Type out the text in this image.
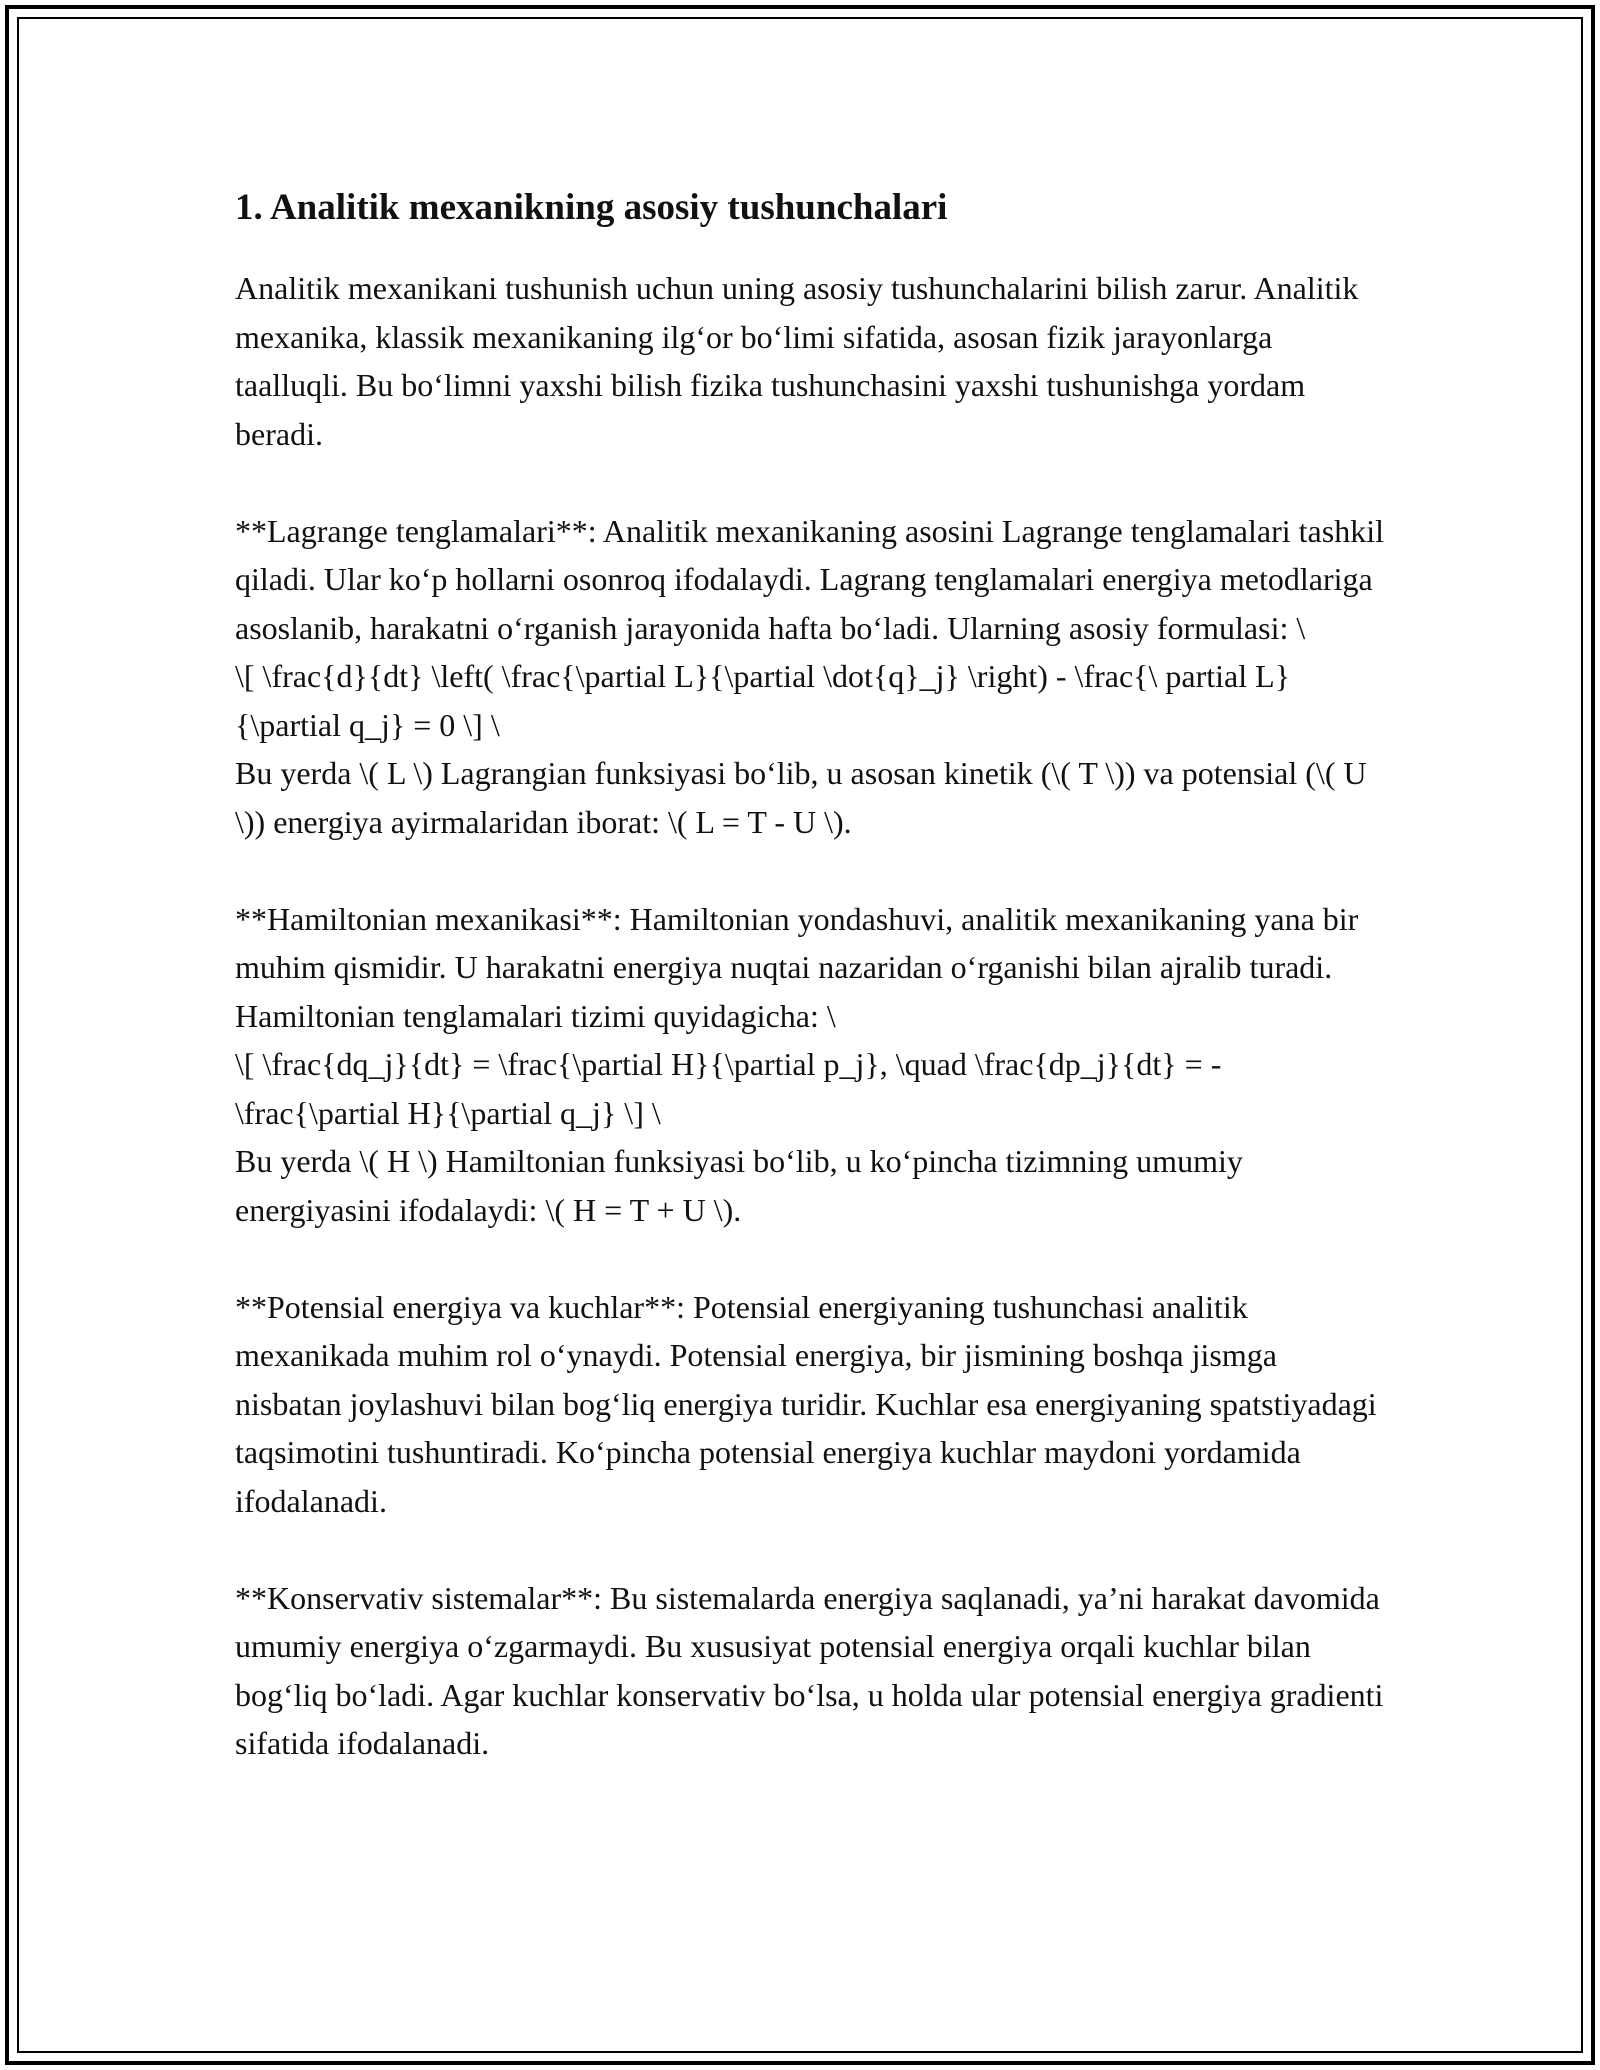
1. Analitik mexanikning asosiy tushunchalari

Analitik mexanikani tushunish uchun uning asosiy tushunchalarini bilish zarur. Analitik mexanika, klassik mexanikaning ilg‘or bo‘limi sifatida, asosan fizik jarayonlarga taalluqli. Bu bo‘limni yaxshi bilish fizika tushunchasini yaxshi tushunishga yordam beradi.

**Lagrange tenglamalari**: Analitik mexanikaning asosini Lagrange tenglamalari tashkil qiladi. Ular ko‘p hollarni osonroq ifodalaydi. Lagrang tenglamalari energiya metodlariga asoslanib, harakatni o‘rganish jarayonida hafta bo‘ladi. Ularning asosiy formulasi: \
\[ \frac{d}{dt} \left( \frac{\partial L}{\partial \dot{q}_j} \right) - \frac{\ partial L}{\partial q_j} = 0 \] \
Bu yerda \( L \) Lagrangian funksiyasi bo‘lib, u asosan kinetik (\( T \)) va potensial (\( U \)) energiya ayirmalaridan iborat: \( L = T - U \).

**Hamiltonian mexanikasi**: Hamiltonian yondashuvi, analitik mexanikaning yana bir muhim qismidir. U harakatni energiya nuqtai nazaridan o‘rganishi bilan ajralib turadi. Hamiltonian tenglamalari tizimi quyidagicha: \
\[ \frac{dq_j}{dt} = \frac{\partial H}{\partial p_j}, \quad \frac{dp_j}{dt} = -\frac{\partial H}{\partial q_j} \] \
Bu yerda \( H \) Hamiltonian funksiyasi bo‘lib, u ko‘pincha tizimning umumiy energiyasini ifodalaydi: \( H = T + U \).

**Potensial energiya va kuchlar**: Potensial energiyaning tushunchasi analitik mexanikada muhim rol o‘ynaydi. Potensial energiya, bir jismining boshqa jismga nisbatan joylashuvi bilan bog‘liq energiya turidir. Kuchlar esa energiyaning spatstiyadagi taqsimotini tushuntiradi. Ko‘pincha potensial energiya kuchlar maydoni yordamida ifodalanadi.

**Konservativ sistemalar**: Bu sistemalarda energiya saqlanadi, ya’ni harakat davomida umumiy energiya o‘zgarmaydi. Bu xususiyat potensial energiya orqali kuchlar bilan bog‘liq bo‘ladi. Agar kuchlar konservativ bo‘lsa, u holda ular potensial energiya gradienti sifatida ifodalanadi.
